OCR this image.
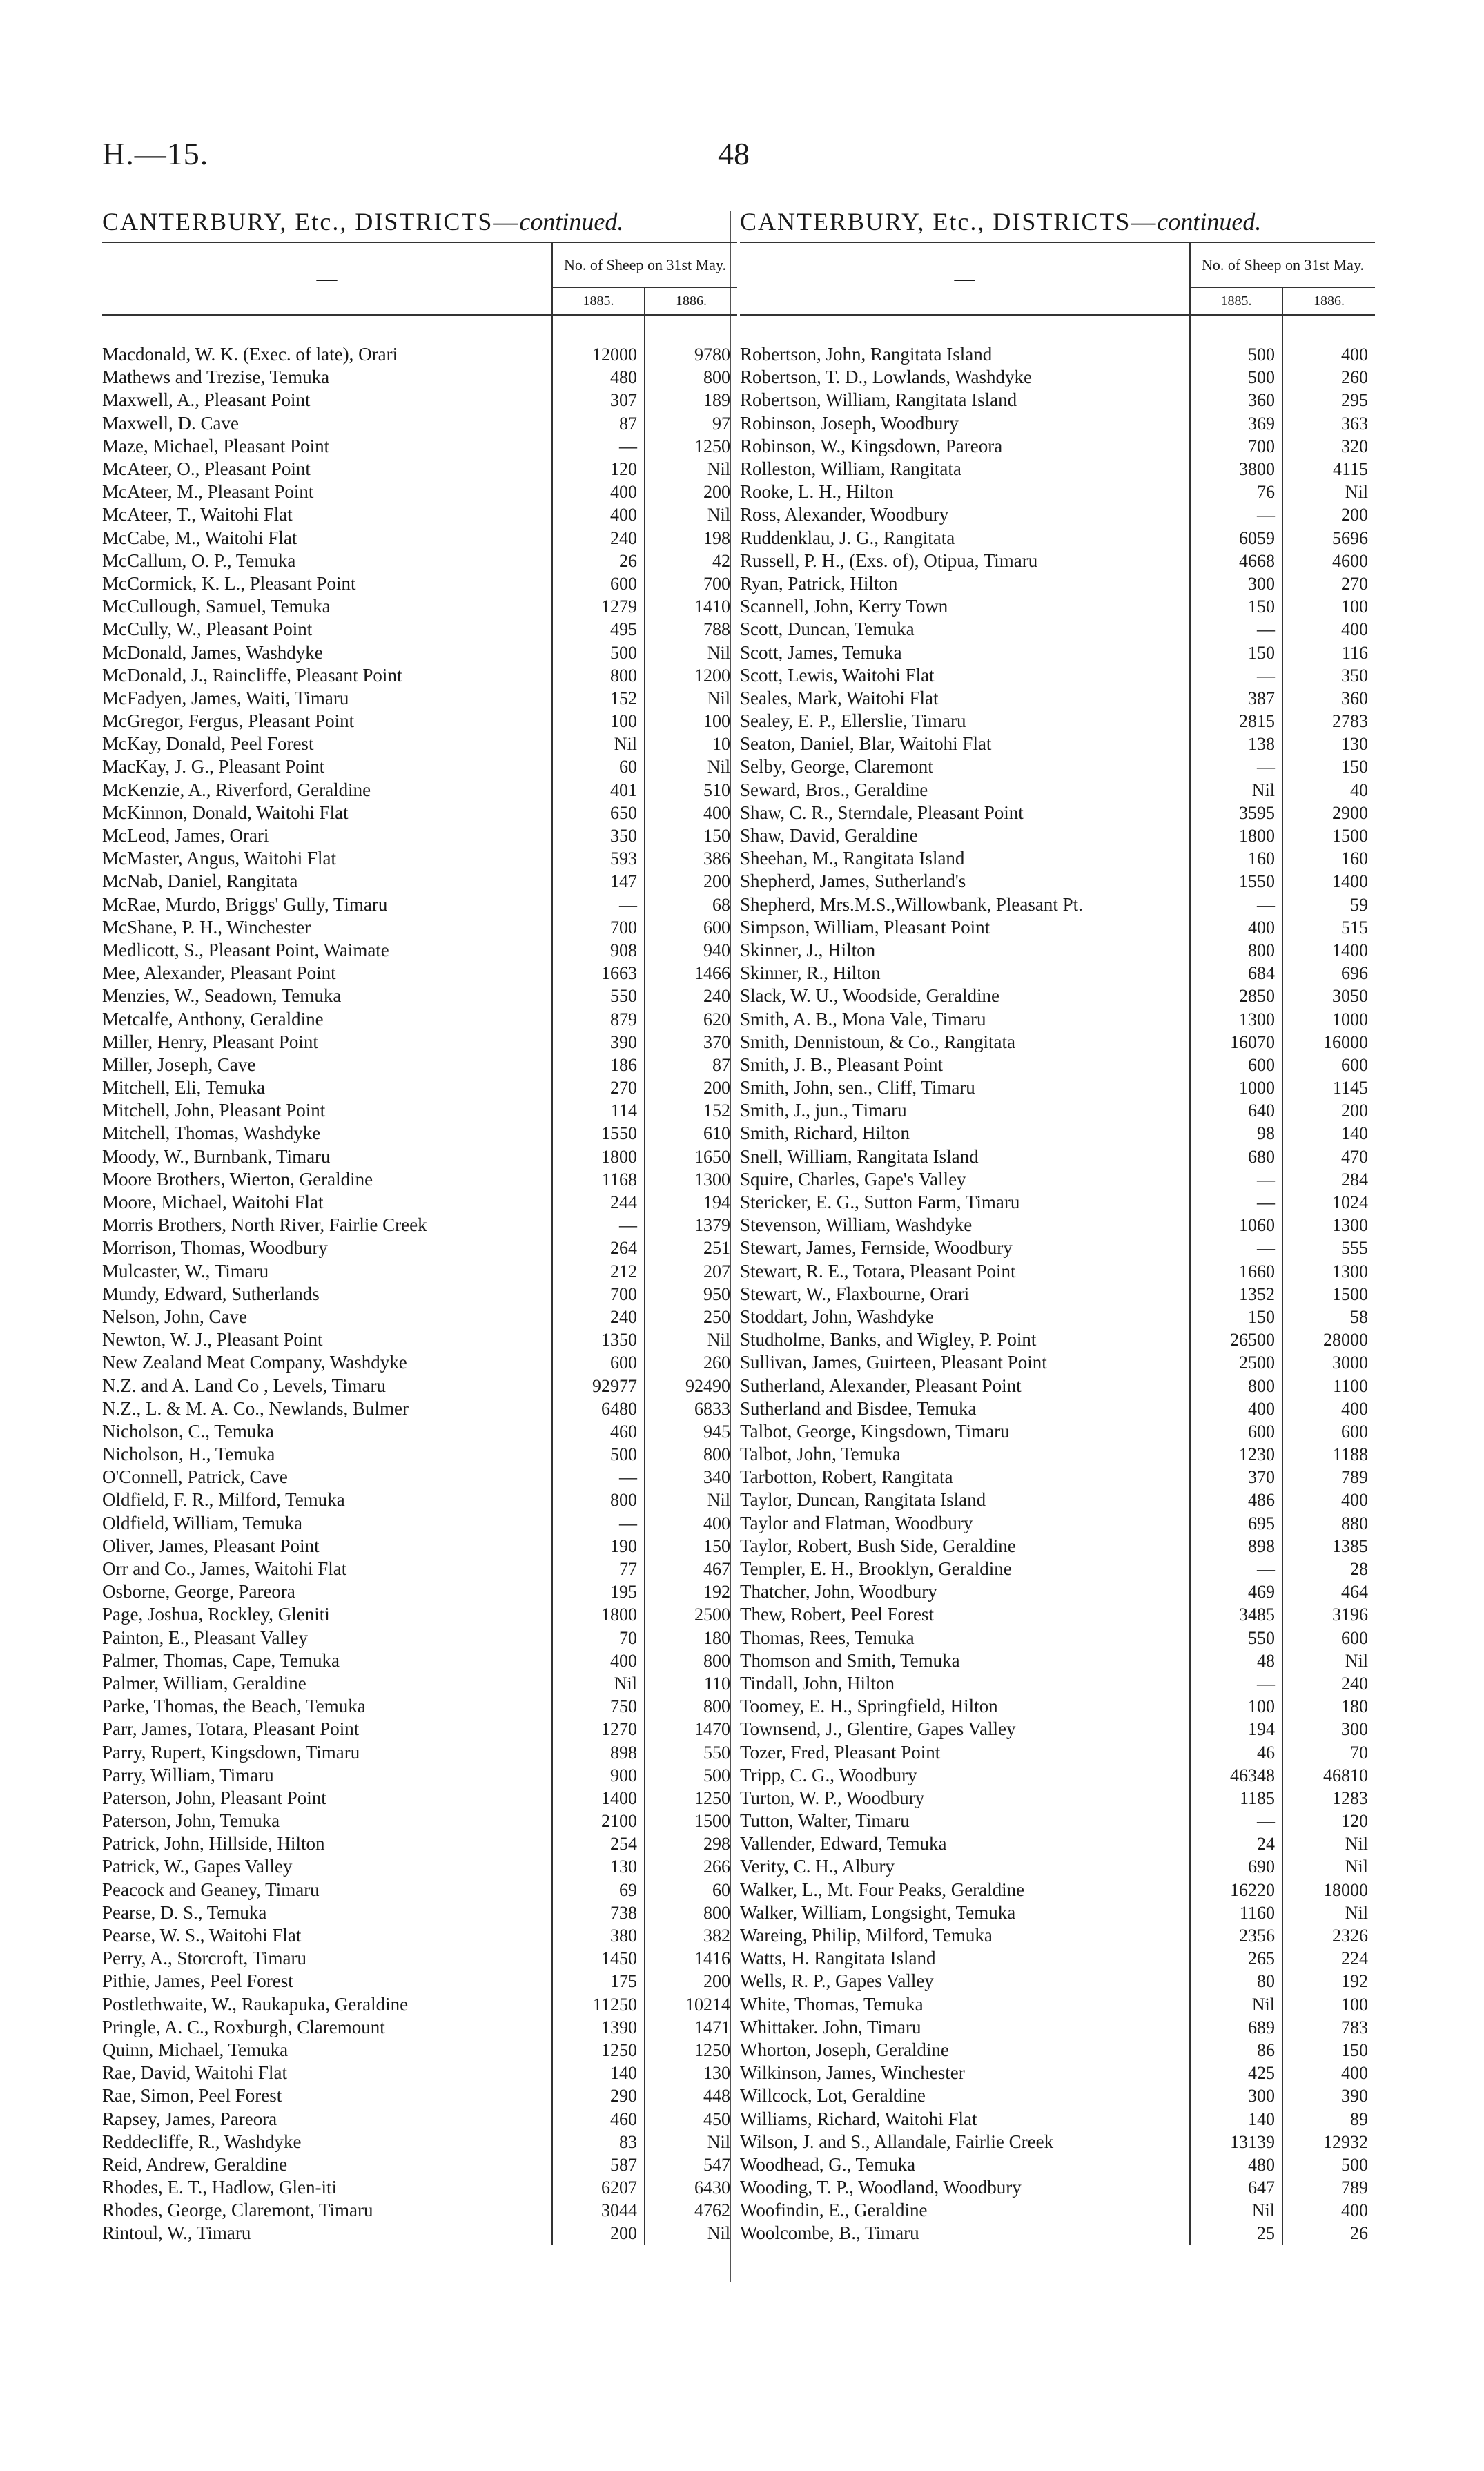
H.—15.	48
CANTERBURY, Etc., DISTRICTS—continued.
—	No. of Sheep on 31st May.	
	1885.	1886.

Macdonald, W. K. (Exec. of late), Orari	12000	9780
Mathews and Trezise, Temuka	480	800
Maxwell, A., Pleasant Point	307	189
Maxwell, D. Cave	87	97
Maze, Michael, Pleasant Point	—	1250
McAteer, O., Pleasant Point	120	Nil
McAteer, M., Pleasant Point	400	200
McAteer, T., Waitohi Flat	400	Nil
McCabe, M., Waitohi Flat	240	198
McCallum, O. P., Temuka	26	42
McCormick, K. L., Pleasant Point	600	700
McCullough, Samuel, Temuka	1279	1410
McCully, W., Pleasant Point	495	788
McDonald, James, Washdyke	500	Nil
McDonald, J., Raincliffe, Pleasant Point	800	1200
McFadyen, James, Waiti, Timaru	152	Nil
McGregor, Fergus, Pleasant Point	100	100
McKay, Donald, Peel Forest	Nil	10
MacKay, J. G., Pleasant Point	60	Nil
McKenzie, A., Riverford, Geraldine	401	510
McKinnon, Donald, Waitohi Flat	650	400
McLeod, James, Orari	350	150
McMaster, Angus, Waitohi Flat	593	386
McNab, Daniel, Rangitata	147	200
McRae, Murdo, Briggs' Gully, Timaru	—	68
McShane, P. H., Winchester	700	600
Medlicott, S., Pleasant Point, Waimate	908	940
Mee, Alexander, Pleasant Point	1663	1466
Menzies, W., Seadown, Temuka	550	240
Metcalfe, Anthony, Geraldine	879	620
Miller, Henry, Pleasant Point	390	370
Miller, Joseph, Cave	186	87
Mitchell, Eli, Temuka	270	200
Mitchell, John, Pleasant Point	114	152
Mitchell, Thomas, Washdyke	1550	610
Moody, W., Burnbank, Timaru	1800	1650
Moore Brothers, Wierton, Geraldine	1168	1300
Moore, Michael, Waitohi Flat	244	194
Morris Brothers, North River, Fairlie Creek	—	1379
Morrison, Thomas, Woodbury	264	251
Mulcaster, W., Timaru	212	207
Mundy, Edward, Sutherlands	700	950
Nelson, John, Cave	240	250
Newton, W. J., Pleasant Point	1350	Nil
New Zealand Meat Company, Washdyke	600	260
N.Z. and A. Land Co , Levels, Timaru	92977	92490
N.Z., L. & M. A. Co., Newlands, Bulmer	6480	6833
Nicholson, C., Temuka	460	945
Nicholson, H., Temuka	500	800
O'Connell, Patrick, Cave	—	340
Oldfield, F. R., Milford, Temuka	800	Nil
Oldfield, William, Temuka	—	400
Oliver, James, Pleasant Point	190	150
Orr and Co., James, Waitohi Flat	77	467
Osborne, George, Pareora	195	192
Page, Joshua, Rockley, Gleniti	1800	2500
Painton, E., Pleasant Valley	70	180
Palmer, Thomas, Cape, Temuka	400	800
Palmer, William, Geraldine	Nil	110
Parke, Thomas, the Beach, Temuka	750	800
Parr, James, Totara, Pleasant Point	1270	1470
Parry, Rupert, Kingsdown, Timaru	898	550
Parry, William, Timaru	900	500
Paterson, John, Pleasant Point	1400	1250
Paterson, John, Temuka	2100	1500
Patrick, John, Hillside, Hilton	254	298
Patrick, W., Gapes Valley	130	266
Peacock and Geaney, Timaru	69	60
Pearse, D. S., Temuka	738	800
Pearse, W. S., Waitohi Flat	380	382
Perry, A., Storcroft, Timaru	1450	1416
Pithie, James, Peel Forest	175	200
Postlethwaite, W., Raukapuka, Geraldine	11250	10214
Pringle, A. C., Roxburgh, Claremount	1390	1471
Quinn, Michael, Temuka	1250	1250
Rae, David, Waitohi Flat	140	130
Rae, Simon, Peel Forest	290	448
Rapsey, James, Pareora	460	450
Reddecliffe, R., Washdyke	83	Nil
Reid, Andrew, Geraldine	587	547
Rhodes, E. T., Hadlow, Glen-iti	6207	6430
Rhodes, George, Claremont, Timaru	3044	4762
Rintoul, W., Timaru	200	Nil
CANTERBURY, Etc., DISTRICTS—continued.
—	No. of Sheep on 31st May.	
	1885.	1886.

Robertson, John, Rangitata Island	500	400
Robertson, T. D., Lowlands, Washdyke	500	260
Robertson, William, Rangitata Island	360	295
Robinson, Joseph, Woodbury	369	363
Robinson, W., Kingsdown, Pareora	700	320
Rolleston, William, Rangitata	3800	4115
Rooke, L. H., Hilton	76	Nil
Ross, Alexander, Woodbury	—	200
Ruddenklau, J. G., Rangitata	6059	5696
Russell, P. H., (Exs. of), Otipua, Timaru	4668	4600
Ryan, Patrick, Hilton	300	270
Scannell, John, Kerry Town	150	100
Scott, Duncan, Temuka	—	400
Scott, James, Temuka	150	116
Scott, Lewis, Waitohi Flat	—	350
Seales, Mark, Waitohi Flat	387	360
Sealey, E. P., Ellerslie, Timaru	2815	2783
Seaton, Daniel, Blar, Waitohi Flat	138	130
Selby, George, Claremont	—	150
Seward, Bros., Geraldine	Nil	40
Shaw, C. R., Sterndale, Pleasant Point	3595	2900
Shaw, David, Geraldine	1800	1500
Sheehan, M., Rangitata Island	160	160
Shepherd, James, Sutherland's	1550	1400
Shepherd, Mrs.M.S.,Willowbank, Pleasant Pt.	—	59
Simpson, William, Pleasant Point	400	515
Skinner, J., Hilton	800	1400
Skinner, R., Hilton	684	696
Slack, W. U., Woodside, Geraldine	2850	3050
Smith, A. B., Mona Vale, Timaru	1300	1000
Smith, Dennistoun, & Co., Rangitata	16070	16000
Smith, J. B., Pleasant Point	600	600
Smith, John, sen., Cliff, Timaru	1000	1145
Smith, J., jun., Timaru	640	200
Smith, Richard, Hilton	98	140
Snell, William, Rangitata Island	680	470
Squire, Charles, Gape's Valley	—	284
Stericker, E. G., Sutton Farm, Timaru	—	1024
Stevenson, William, Washdyke	1060	1300
Stewart, James, Fernside, Woodbury	—	555
Stewart, R. E., Totara, Pleasant Point	1660	1300
Stewart, W., Flaxbourne, Orari	1352	1500
Stoddart, John, Washdyke	150	58
Studholme, Banks, and Wigley, P. Point	26500	28000
Sullivan, James, Guirteen, Pleasant Point	2500	3000
Sutherland, Alexander, Pleasant Point	800	1100
Sutherland and Bisdee, Temuka	400	400
Talbot, George, Kingsdown, Timaru	600	600
Talbot, John, Temuka	1230	1188
Tarbotton, Robert, Rangitata	370	789
Taylor, Duncan, Rangitata Island	486	400
Taylor and Flatman, Woodbury	695	880
Taylor, Robert, Bush Side, Geraldine	898	1385
Templer, E. H., Brooklyn, Geraldine	—	28
Thatcher, John, Woodbury	469	464
Thew, Robert, Peel Forest	3485	3196
Thomas, Rees, Temuka	550	600
Thomson and Smith, Temuka	48	Nil
Tindall, John, Hilton	—	240
Toomey, E. H., Springfield, Hilton	100	180
Townsend, J., Glentire, Gapes Valley	194	300
Tozer, Fred, Pleasant Point	46	70
Tripp, C. G., Woodbury	46348	46810
Turton, W. P., Woodbury	1185	1283
Tutton, Walter, Timaru	—	120
Vallender, Edward, Temuka	24	Nil
Verity, C. H., Albury	690	Nil
Walker, L., Mt. Four Peaks, Geraldine	16220	18000
Walker, William, Longsight, Temuka	1160	Nil
Wareing, Philip, Milford, Temuka	2356	2326
Watts, H. Rangitata Island	265	224
Wells, R. P., Gapes Valley	80	192
White, Thomas, Temuka	Nil	100
Whittaker. John, Timaru	689	783
Whorton, Joseph, Geraldine	86	150
Wilkinson, James, Winchester	425	400
Willcock, Lot, Geraldine	300	390
Williams, Richard, Waitohi Flat	140	89
Wilson, J. and S., Allandale, Fairlie Creek	13139	12932
Woodhead, G., Temuka	480	500
Wooding, T. P., Woodland, Woodbury	647	789
Woofindin, E., Geraldine	Nil	400
Woolcombe, B., Timaru	25	26
